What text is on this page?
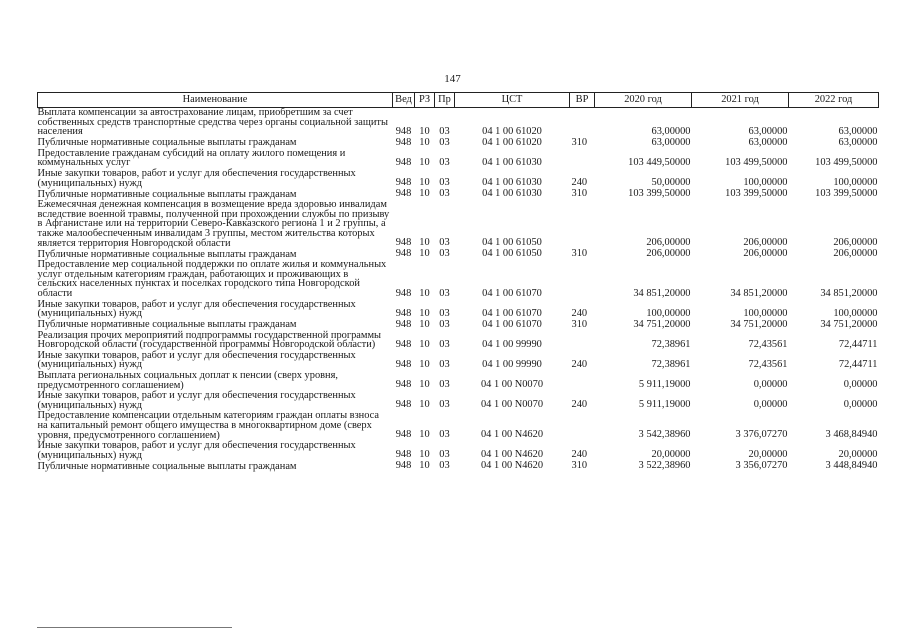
147
Наименование	Вед	РЗ	Пр	ЦСТ	ВР	2020 год	2021 год	2022 год
Выплата компенсации за автострахование лицам, приобретшим за счет собственных средств транспортные средства через органы социальной защиты населения	948	10	03	04 1 00 61020		63,00000	63,00000	63,00000
Публичные нормативные социальные выплаты гражданам	948	10	03	04 1 00 61020	310	63,00000	63,00000	63,00000
Предоставление гражданам субсидий на оплату жилого помещения и коммунальных услуг	948	10	03	04 1 00 61030		103 449,50000	103 499,50000	103 499,50000
Иные закупки товаров, работ и услуг для обеспечения государственных (муниципальных) нужд	948	10	03	04 1 00 61030	240	50,00000	100,00000	100,00000
Публичные нормативные социальные выплаты гражданам	948	10	03	04 1 00 61030	310	103 399,50000	103 399,50000	103 399,50000
Ежемесячная денежная компенсация в возмещение вреда здоровью инвалидам вследствие военной травмы, полученной при прохождении службы по призыву в Афганистане или на территории Северо-Кавказского региона 1 и 2 группы, а также малообеспеченным инвалидам 3 группы, местом жительства которых является территория Новгородской области	948	10	03	04 1 00 61050		206,00000	206,00000	206,00000
Публичные нормативные социальные выплаты гражданам	948	10	03	04 1 00 61050	310	206,00000	206,00000	206,00000
Предоставление мер социальной поддержки по оплате жилья и коммунальных услуг отдельным категориям граждан, работающих и проживающих в сельских населенных пунктах и поселках городского типа Новгородской области	948	10	03	04 1 00 61070		34 851,20000	34 851,20000	34 851,20000
Иные закупки товаров, работ и услуг для обеспечения государственных (муниципальных) нужд	948	10	03	04 1 00 61070	240	100,00000	100,00000	100,00000
Публичные нормативные социальные выплаты гражданам	948	10	03	04 1 00 61070	310	34 751,20000	34 751,20000	34 751,20000
Реализация прочих мероприятий подпрограммы государственной программы Новгородской области (государственной программы Новгородской области)	948	10	03	04 1 00 99990		72,38961	72,43561	72,44711
Иные закупки товаров, работ и услуг для обеспечения государственных (муниципальных) нужд	948	10	03	04 1 00 99990	240	72,38961	72,43561	72,44711
Выплата региональных социальных доплат к пенсии (сверх уровня, предусмотренного соглашением)	948	10	03	04 1 00 N0070		5 911,19000	0,00000	0,00000
Иные закупки товаров, работ и услуг для обеспечения государственных (муниципальных) нужд	948	10	03	04 1 00 N0070	240	5 911,19000	0,00000	0,00000
Предоставление компенсации отдельным категориям граждан оплаты взноса на капитальный ремонт общего имущества в многоквартирном доме (сверх уровня, предусмотренного соглашением)	948	10	03	04 1 00 N4620		3 542,38960	3 376,07270	3 468,84940
Иные закупки товаров, работ и услуг для обеспечения государственных (муниципальных) нужд	948	10	03	04 1 00 N4620	240	20,00000	20,00000	20,00000
Публичные нормативные социальные выплаты гражданам	948	10	03	04 1 00 N4620	310	3 522,38960	3 356,07270	3 448,84940
